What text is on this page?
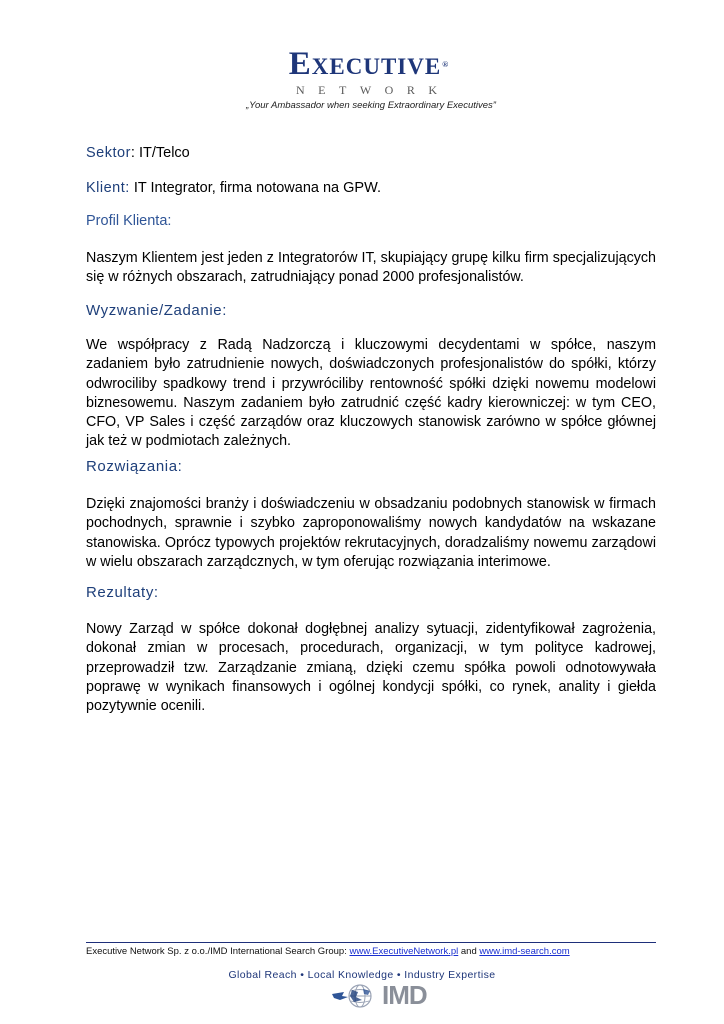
Executive ®
NETWORK
„Your Ambassador when seeking Extraordinary Executives”
Sektor: IT/Telco
Klient: IT Integrator, firma notowana na GPW.
Profil Klienta:

Naszym Klientem jest jeden z Integratorów IT, skupiający grupę kilku firm specjalizujących się w różnych obszarach, zatrudniający ponad 2000 profesjonalistów.

Wyzwanie/Zadanie:

We współpracy z Radą Nadzorczą i kluczowymi decydentami w spółce, naszym zadaniem było zatrudnienie nowych, doświadczonych profesjonalistów do spółki, którzy odwrociliby spadkowy trend i przywróciliby rentowność spółki dzięki nowemu modelowi biznesowemu. Naszym zadaniem było zatrudnić część kadry kierowniczej: w tym CEO, CFO, VP Sales i część zarządów oraz kluczowych stanowisk zarówno w spółce głównej jak też w podmiotach zależnych.

Rozwiązania:

Dzięki znajomości branży i doświadczeniu w obsadzaniu podobnych stanowisk w firmach pochodnych, sprawnie i szybko zaproponowaliśmy nowych kandydatów na wskazane stanowiska. Oprócz typowych projektów rekrutacyjnych, doradzaliśmy nowemu zarządowi w wielu obszarach zarządcznych, w tym oferując rozwiązania interimowe.

Rezultaty:

Nowy Zarząd w spółce dokonał dogłębnej analizy sytuacji, zidentyfikował zagrożenia, dokonał zmian w procesach, procedurach, organizacji, w tym polityce kadrowej, przeprowadził tzw. Zarządzanie zmianą, dzięki czemu spółka powoli odnotowywała poprawę w wynikach finansowych i ogólnej kondycji spółki, co rynek, anality i giełda pozytywnie ocenili.

Executive Network Sp. z o.o./IMD International Search Group: www.ExecutiveNetwork.pl and www.imd-search.com
Global Reach • Local Knowledge • Industry Expertise
IMD
